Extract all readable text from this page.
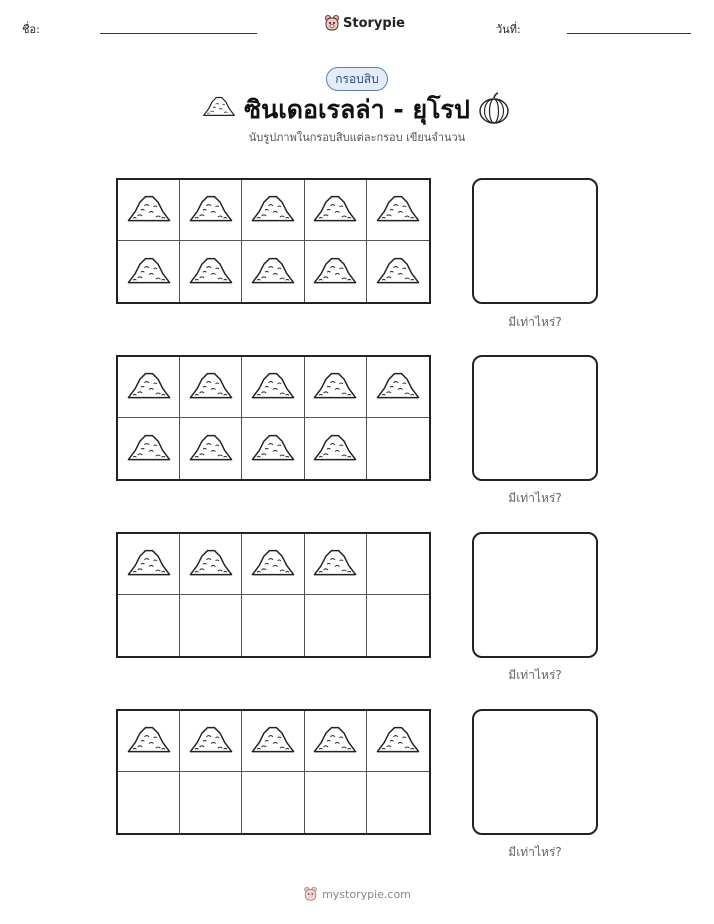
ชื่อ:	Storypie	วันที่:
กรอบสิบ
ซินเดอเรลล่า - ยุโรป
นับรูปภาพในกรอบสิบแต่ละกรอบ เขียนจำนวน
มีเท่าไหร่?
มีเท่าไหร่?
มีเท่าไหร่?
มีเท่าไหร่?
mystorypie.com
